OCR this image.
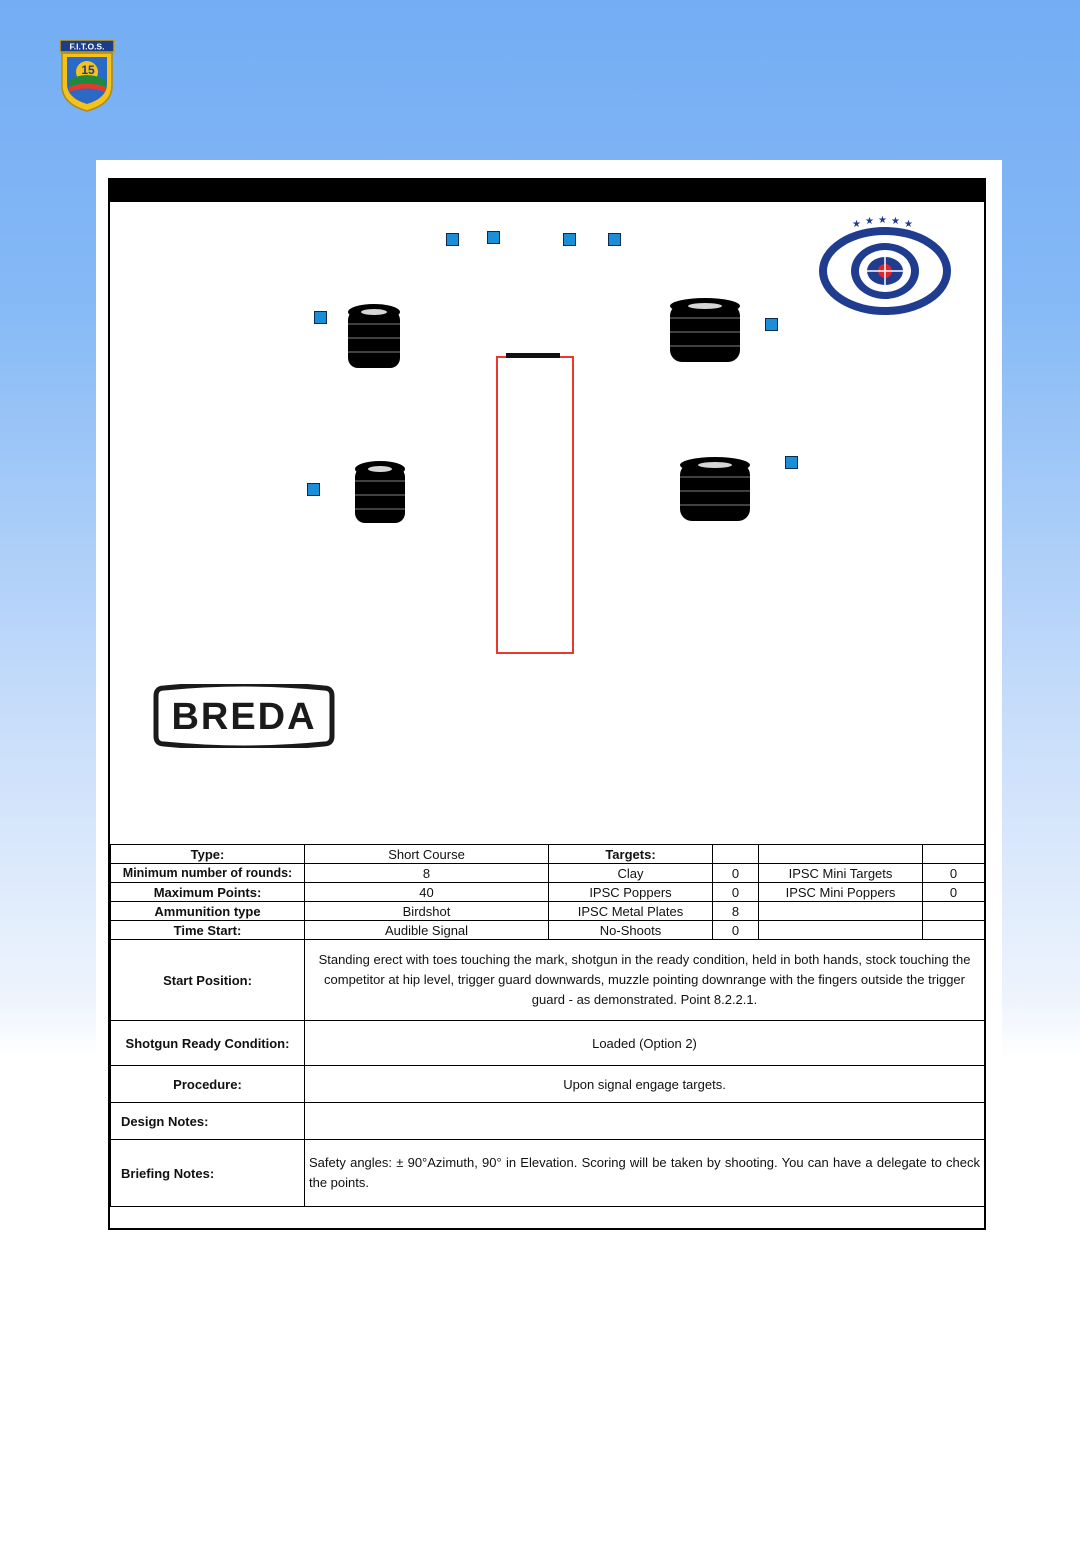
F.I.T.O.S.
15
★ ★ ★ ★ ★
BREDA
Type:	Short Course	Targets:			
Minimum number of rounds:	8	Clay	0	IPSC Mini Targets	0
Maximum Points:	40	IPSC Poppers	0	IPSC Mini Poppers	0
Ammunition type	Birdshot	IPSC Metal Plates	8		
Time Start:	Audible Signal	No-Shoots	0		
Start Position:	Standing erect with toes touching the mark, shotgun in the ready condition, held in both hands, stock touching the competitor at hip level, trigger guard downwards, muzzle pointing downrange with the fingers outside the trigger guard - as demonstrated. Point 8.2.2.1.				
Shotgun Ready Condition:	Loaded (Option 2)				
Procedure:	Upon signal engage targets.				
Design Notes:					
Briefing Notes:	Safety angles: ± 90°Azimuth, 90° in Elevation. Scoring will be taken by shooting. You can have a delegate to check the points.				
